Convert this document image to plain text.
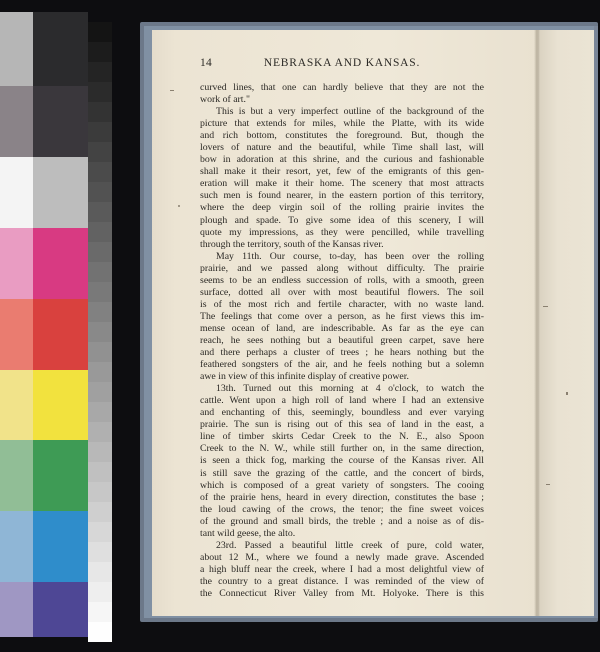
14	NEBRASKA AND KANSAS.
curved lines, that one can hardly believe that they are not the
work of art."
This is but a very imperfect outline of the background of the
picture that extends for miles, while the Platte, with its wide
and rich bottom, constitutes the foreground. But, though the
lovers of nature and the beautiful, while Time shall last, will
bow in adoration at this shrine, and the curious and fashionable
shall make it their resort, yet, few of the emigrants of this gen-
eration will make it their home. The scenery that most attracts
such men is found nearer, in the eastern portion of this territory,
where the deep virgin soil of the rolling prairie invites the
plough and spade. To give some idea of this scenery, I will
quote my impressions, as they were pencilled, while travelling
through the territory, south of the Kansas river.
May 11th. Our course, to-day, has been over the rolling
prairie, and we passed along without difficulty. The prairie
seems to be an endless succession of rolls, with a smooth, green
surface, dotted all over with most beautiful flowers. The soil
is of the most rich and fertile character, with no waste land.
The feelings that come over a person, as he first views this im-
mense ocean of land, are indescribable. As far as the eye can
reach, he sees nothing but a beautiful green carpet, save here
and there perhaps a cluster of trees ; he hears nothing but the
feathered songsters of the air, and he feels nothing but a solemn
awe in view of this infinite display of creative power.
13th. Turned out this morning at 4 o'clock, to watch the
cattle. Went upon a high roll of land where I had an extensive
and enchanting of this, seemingly, boundless and ever varying
prairie. The sun is rising out of this sea of land in the east, a
line of timber skirts Cedar Creek to the N. E., also Spoon
Creek to the N. W., while still further on, in the same direction,
is seen a thick fog, marking the course of the Kansas river. All
is still save the grazing of the cattle, and the concert of birds,
which is composed of a great variety of songsters. The cooing
of the prairie hens, heard in every direction, constitutes the base ;
the loud cawing of the crows, the tenor; the fine sweet voices
of the ground and small birds, the treble ; and a noise as of dis-
tant wild geese, the alto.
23rd. Passed a beautiful little creek of pure, cold water,
about 12 M., where we found a newly made grave. Ascended
a high bluff near the creek, where I had a most delightful view of
the country to a great distance. I was reminded of the view of
the Connecticut River Valley from Mt. Holyoke. There is this
